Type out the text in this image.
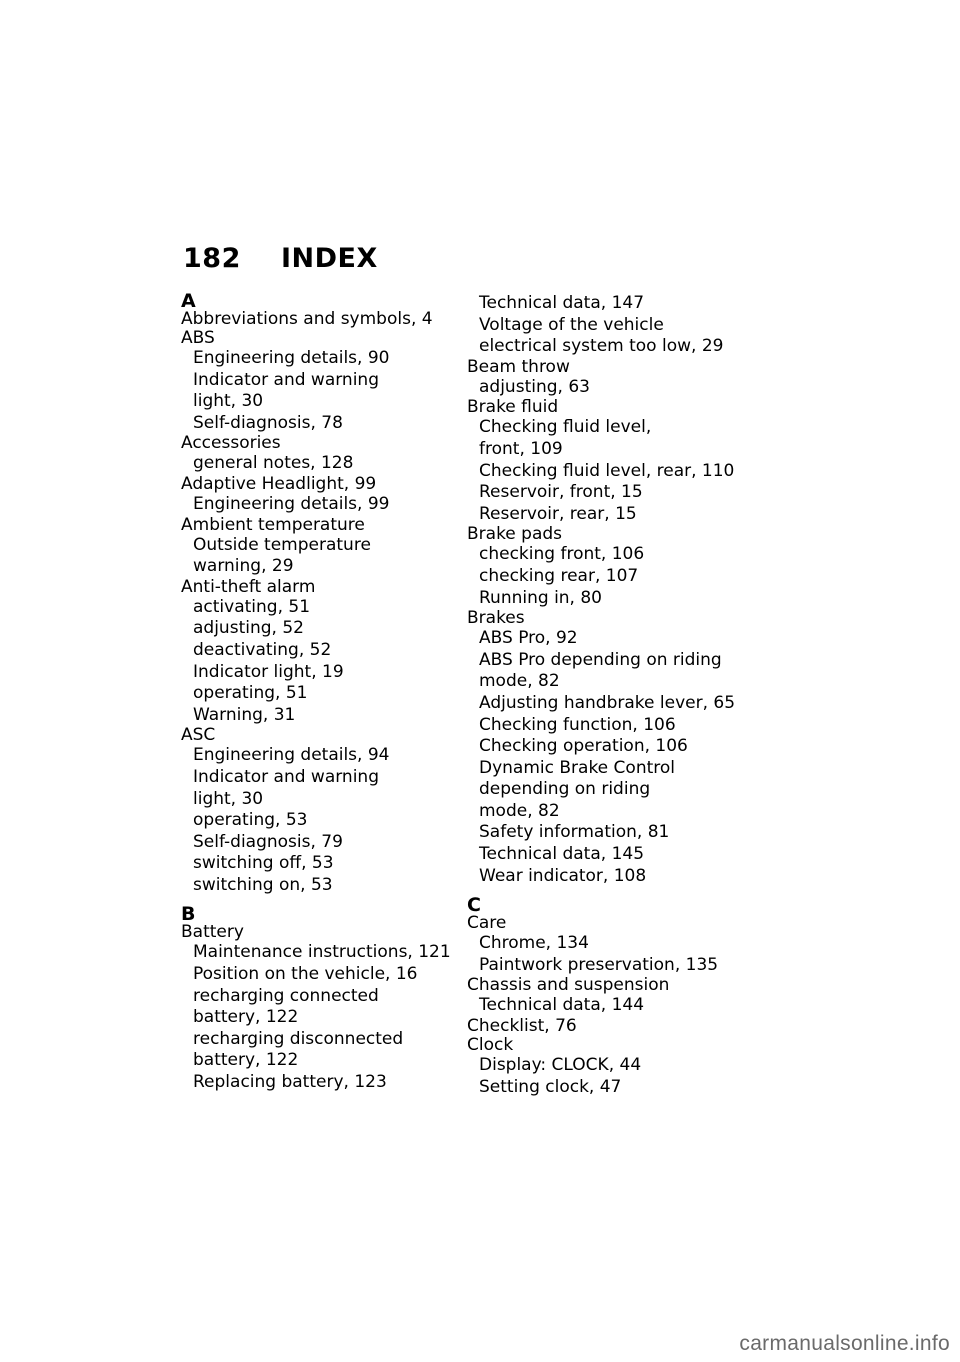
182 INDEX
A
Abbreviations and symbols, 4
ABS
Engineering details, 90
Indicator and warning
light, 30
Self-diagnosis, 78
Accessories
general notes, 128
Adaptive Headlight, 99
Engineering details, 99
Ambient temperature
Outside temperature
warning, 29
Anti-theft alarm
activating, 51
adjusting, 52
deactivating, 52
Indicator light, 19
operating, 51
Warning, 31
ASC
Engineering details, 94
Indicator and warning
light, 30
operating, 53
Self-diagnosis, 79
switching off, 53
switching on, 53
B
Battery
Maintenance instructions, 121
Position on the vehicle, 16
recharging connected
battery, 122
recharging disconnected
battery, 122
Replacing battery, 123
Technical data, 147
Voltage of the vehicle
electrical system too low, 29
Beam throw
adjusting, 63
Brake fluid
Checking fluid level,
front, 109
Checking fluid level, rear, 110
Reservoir, front, 15
Reservoir, rear, 15
Brake pads
checking front, 106
checking rear, 107
Running in, 80
Brakes
ABS Pro, 92
ABS Pro depending on riding
mode, 82
Adjusting handbrake lever, 65
Checking function, 106
Checking operation, 106
Dynamic Brake Control
depending on riding
mode, 82
Safety information, 81
Technical data, 145
Wear indicator, 108
C
Care
Chrome, 134
Paintwork preservation, 135
Chassis and suspension
Technical data, 144
Checklist, 76
Clock
Display: CLOCK, 44
Setting clock, 47
carmanualsonline.info
